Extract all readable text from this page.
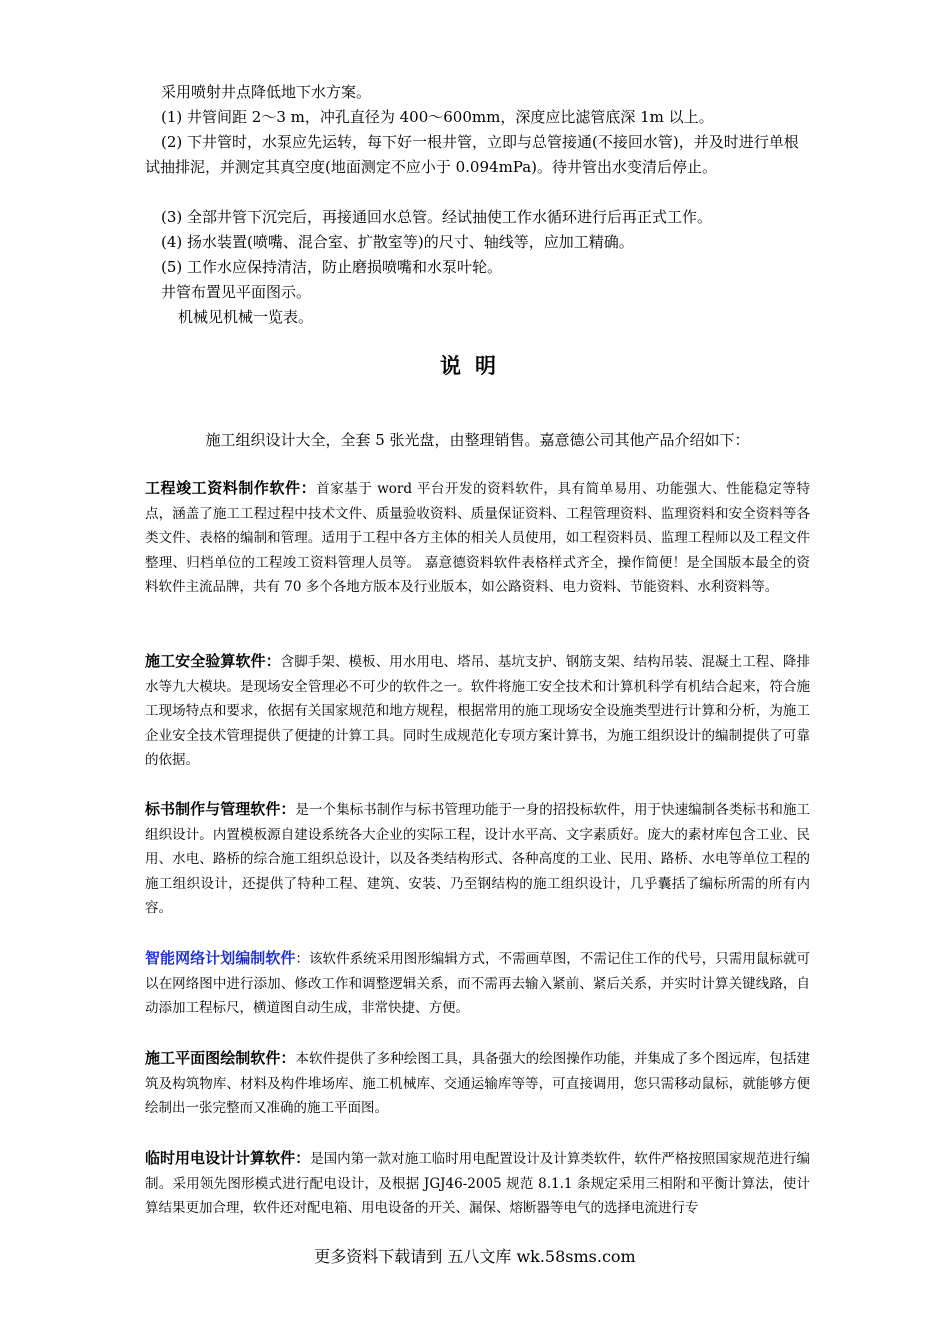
采用喷射井点降低地下水方案。

(1) 井管间距 2～3 m，冲孔直径为 400～600mm，深度应比滤管底深 1m 以上。

(2) 下井管时，水泵应先运转，每下好一根井管，立即与总管接通(不接回水管)，并及时进行单根试抽排泥，并测定其真空度(地面测定不应小于 0.094mPa)。待井管出水变清后停止。

(3) 全部井管下沉完后，再接通回水总管。经试抽使工作水循环进行后再正式工作。

(4) 扬水装置(喷嘴、混合室、扩散室等)的尺寸、轴线等，应加工精确。

(5) 工作水应保持清洁，防止磨损喷嘴和水泵叶轮。

井管布置见平面图示。

机械见机械一览表。

说明

施工组织设计大全，全套 5 张光盘，由整理销售。嘉意德公司其他产品介绍如下：

工程竣工资料制作软件：首家基于 word 平台开发的资料软件，具有简单易用、功能强大、性能稳定等特点，涵盖了施工工程过程中技术文件、质量验收资料、质量保证资料、工程管理资料、监理资料和安全资料等各类文件、表格的编制和管理。适用于工程中各方主体的相关人员使用，如工程资料员、监理工程师以及工程文件整理、归档单位的工程竣工资料管理人员等。 嘉意德资料软件表格样式齐全，操作简便！是全国版本最全的资料软件主流品牌，共有 70 多个各地方版本及行业版本，如公路资料、电力资料、节能资料、水利资料等。

施工安全验算软件：含脚手架、模板、用水用电、塔吊、基坑支护、钢筋支架、结构吊装、混凝土工程、降排水等九大模块。是现场安全管理必不可少的软件之一。软件将施工安全技术和计算机科学有机结合起来，符合施工现场特点和要求，依据有关国家规范和地方规程，根据常用的施工现场安全设施类型进行计算和分析，为施工企业安全技术管理提供了便捷的计算工具。同时生成规范化专项方案计算书，为施工组织设计的编制提供了可靠的依据。

标书制作与管理软件：是一个集标书制作与标书管理功能于一身的招投标软件，用于快速编制各类标书和施工组织设计。内置模板源自建设系统各大企业的实际工程，设计水平高、文字素质好。庞大的素材库包含工业、民用、水电、路桥的综合施工组织总设计，以及各类结构形式、各种高度的工业、民用、路桥、水电等单位工程的施工组织设计，还提供了特种工程、建筑、安装、乃至钢结构的施工组织设计，几乎囊括了编标所需的所有内容。

智能网络计划编制软件：该软件系统采用图形编辑方式，不需画草图，不需记住工作的代号，只需用鼠标就可以在网络图中进行添加、修改工作和调整逻辑关系，而不需再去输入紧前、紧后关系，并实时计算关键线路，自动添加工程标尺，横道图自动生成，非常快捷、方便。

施工平面图绘制软件：本软件提供了多种绘图工具，具备强大的绘图操作功能，并集成了多个图远库，包括建筑及构筑物库、材料及构件堆场库、施工机械库、交通运输库等等，可直接调用，您只需移动鼠标，就能够方便绘制出一张完整而又准确的施工平面图。

临时用电设计计算软件：是国内第一款对施工临时用电配置设计及计算类软件，软件严格按照国家规范进行编制。采用领先图形模式进行配电设计，及根据 JGJ46-2005 规范 8.1.1 条规定采用三相附和平衡计算法，使计算结果更加合理，软件还对配电箱、用电设备的开关、漏保、熔断器等电气的选择电流进行专

更多资料下载请到 五八文库 wk.58sms.com
